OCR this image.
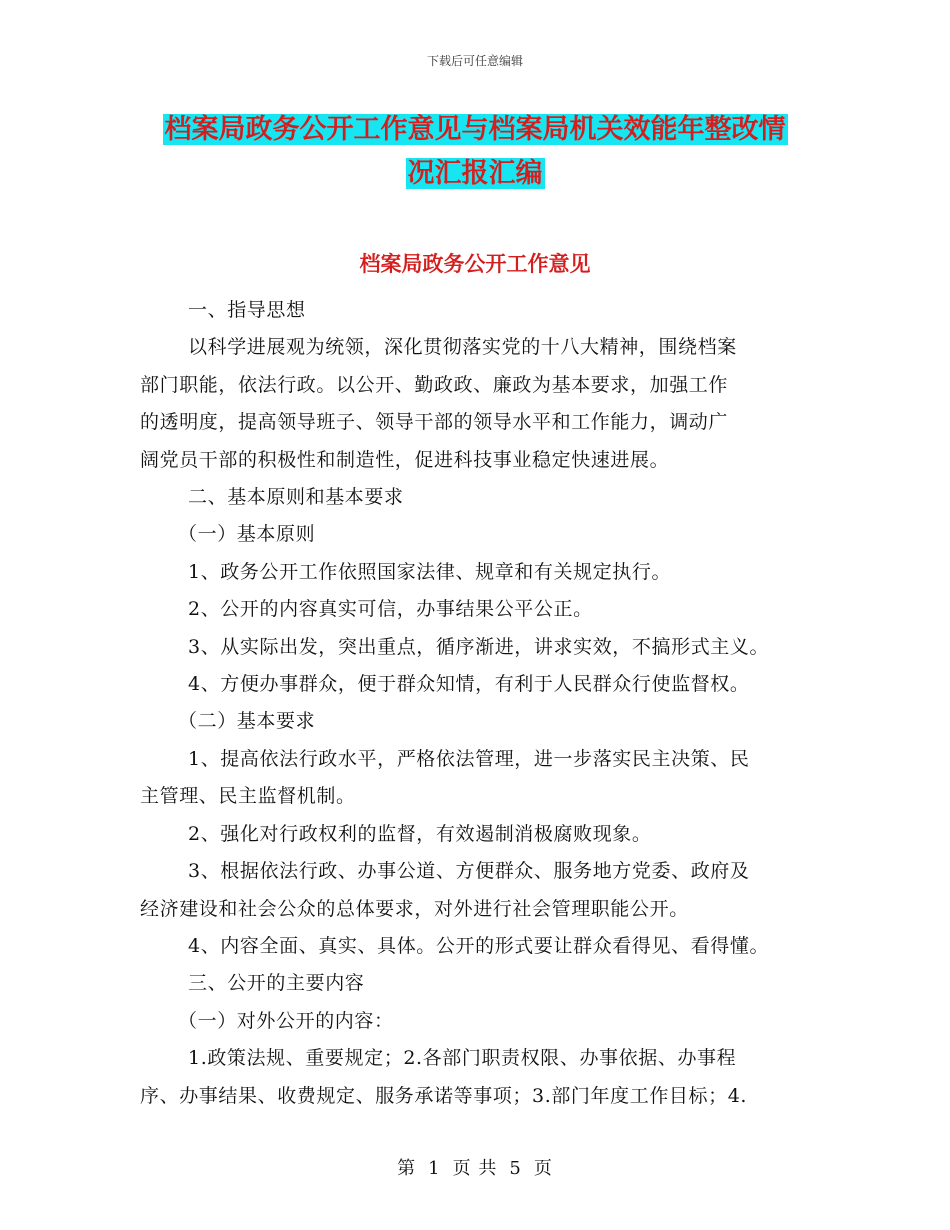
下载后可任意编辑
档案局政务公开工作意见与档案局机关效能年整改情
况汇报汇编
档案局政务公开工作意见
一、指导思想
以科学进展观为统领，深化贯彻落实党的十八大精神，围绕档案
部门职能，依法行政。以公开、勤政政、廉政为基本要求，加强工作
的透明度，提高领导班子、领导干部的领导水平和工作能力，调动广
阔党员干部的积极性和制造性，促进科技事业稳定快速进展。
二、基本原则和基本要求
（一）基本原则
1、政务公开工作依照国家法律、规章和有关规定执行。
2、公开的内容真实可信，办事结果公平公正。
3、从实际出发，突出重点，循序渐进，讲求实效，不搞形式主义。
4、方便办事群众，便于群众知情，有利于人民群众行使监督权。
（二）基本要求
1、提高依法行政水平，严格依法管理，进一步落实民主决策、民
主管理、民主监督机制。
2、强化对行政权利的监督，有效遏制消极腐败现象。
3、根据依法行政、办事公道、方便群众、服务地方党委、政府及
经济建设和社会公众的总体要求，对外进行社会管理职能公开。
4、内容全面、真实、具体。公开的形式要让群众看得见、看得懂。
三、公开的主要内容
（一）对外公开的内容：
1.政策法规、重要规定；2.各部门职责权限、办事依据、办事程
序、办事结果、收费规定、服务承诺等事项；3.部门年度工作目标；4.
第 1 页 共 5 页
